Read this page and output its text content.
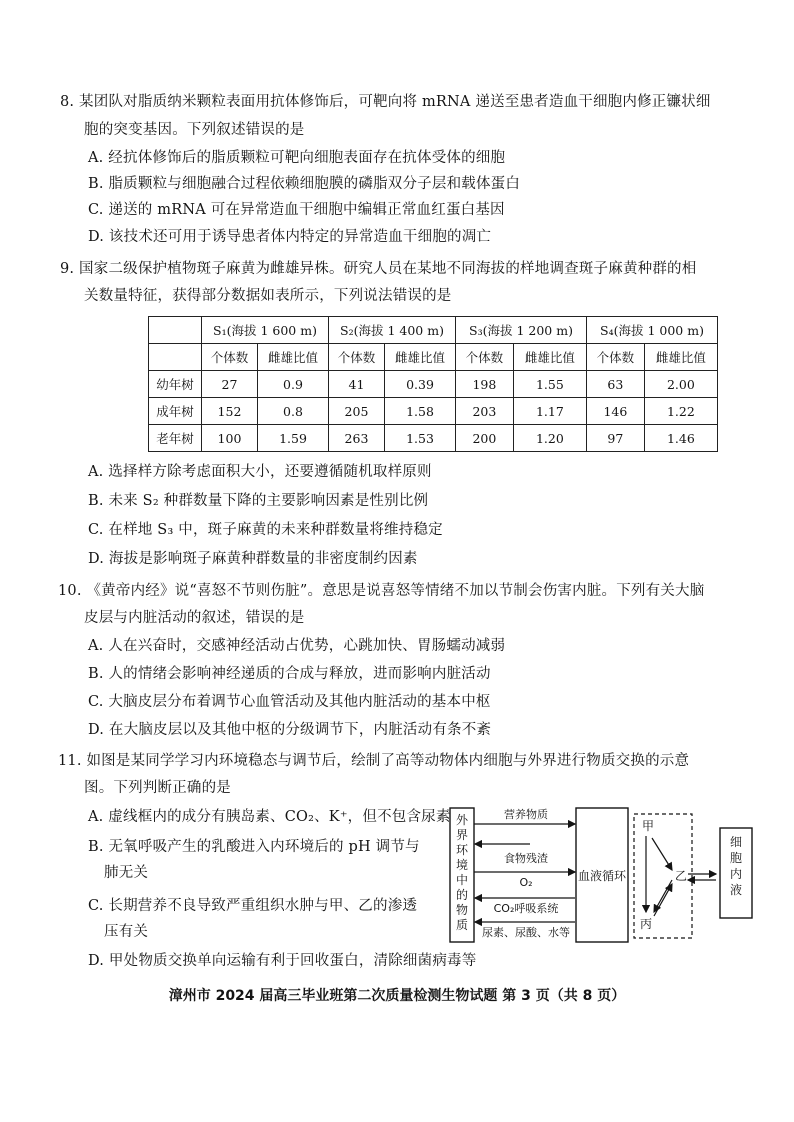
8. 某团队对脂质纳米颗粒表面用抗体修饰后，可靶向将 mRNA 递送至患者造血干细胞内修正镰状细
胞的突变基因。下列叙述错误的是
A. 经抗体修饰后的脂质颗粒可靶向细胞表面存在抗体受体的细胞
B. 脂质颗粒与细胞融合过程依赖细胞膜的磷脂双分子层和载体蛋白
C. 递送的 mRNA 可在异常造血干细胞中编辑正常血红蛋白基因
D. 该技术还可用于诱导患者体内特定的异常造血干细胞的凋亡
9. 国家二级保护植物斑子麻黄为雌雄异株。研究人员在某地不同海拔的样地调查斑子麻黄种群的相
关数量特征，获得部分数据如表所示，下列说法错误的是
	S₁(海拔 1 600 m)		S₂(海拔 1 400 m)		S₃(海拔 1 200 m)		S₄(海拔 1 000 m)	
	个体数	雌雄比值	个体数	雌雄比值	个体数	雌雄比值	个体数	雌雄比值
幼年树	27	0.9	41	0.39	198	1.55	63	2.00
成年树	152	0.8	205	1.58	203	1.17	146	1.22
老年树	100	1.59	263	1.53	200	1.20	97	1.46
A. 选择样方除考虑面积大小，还要遵循随机取样原则
B. 未来 S₂ 种群数量下降的主要影响因素是性别比例
C. 在样地 S₃ 中，斑子麻黄的未来种群数量将维持稳定
D. 海拔是影响斑子麻黄种群数量的非密度制约因素
10. 《黄帝内经》说“喜怒不节则伤脏”。意思是说喜怒等情绪不加以节制会伤害内脏。下列有关大脑
皮层与内脏活动的叙述，错误的是
A. 人在兴奋时，交感神经活动占优势，心跳加快、胃肠蠕动减弱
B. 人的情绪会影响神经递质的合成与释放，进而影响内脏活动
C. 大脑皮层分布着调节心血管活动及其他内脏活动的基本中枢
D. 在大脑皮层以及其他中枢的分级调节下，内脏活动有条不紊
11. 如图是某同学学习内环境稳态与调节后，绘制了高等动物体内细胞与外界进行物质交换的示意
图。下列判断正确的是
A. 虚线框内的成分有胰岛素、CO₂、K⁺，但不包含尿素
B. 无氧呼吸产生的乳酸进入内环境后的 pH 调节与
肺无关
C. 长期营养不良导致严重组织水肿与甲、乙的渗透
压有关
D. 甲处物质交换单向运输有利于回收蛋白，清除细菌病毒等
外界环境中的物质
血液循环
营养物质
食物残渣
O₂
CO₂呼吸系统
尿素、尿酸、水等
甲
乙
丙
细胞内液
漳州市 2024 届高三毕业班第二次质量检测生物试题 第 3 页（共 8 页）
